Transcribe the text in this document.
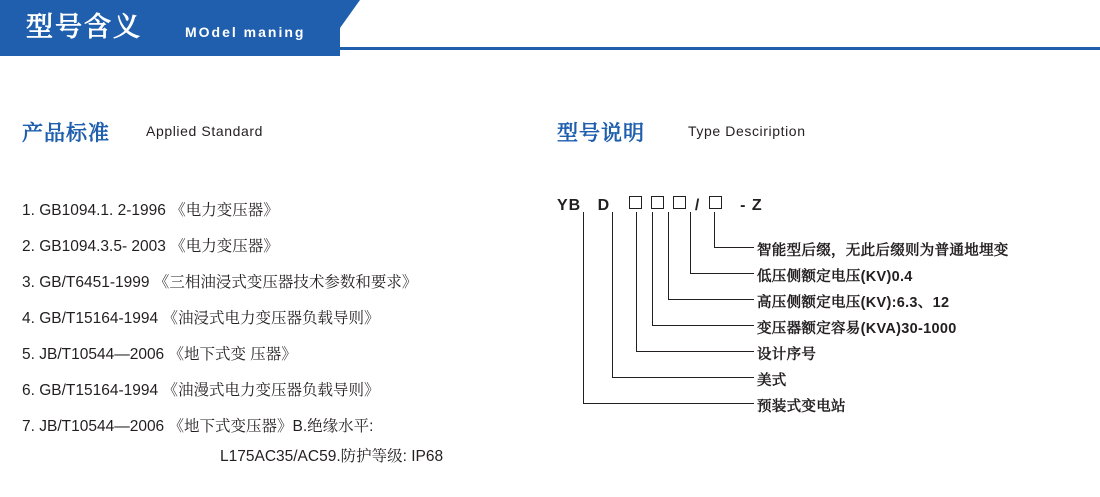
型号含义	MOdel maning
产品标准	Applied Standard
1. GB1094.1. 2-1996 《电力变压器》
2. GB1094.3.5- 2003 《电力变压器》
3. GB/T6451-1999 《三相油浸式变压器技术参数和要求》
4. GB/T15164-1994 《油浸式电力变压器负载导则》
5. JB/T10544—2006 《地下式变 压器》
6. GB/T15164-1994 《油漫式电力变压器负载导则》
7. JB/T10544—2006 《地下式变压器》B.绝缘水平:
L175AC35/AC59.防护等级: IP68
型号说明	Type Desciription
YB D	/ - Z
智能型后缀，无此后缀则为普通地埋变
低压侧额定电压(KV)0.4
高压侧额定电压(KV):6.3、12
变压器额定容易(KVA)30-1000
设计序号
美式
预装式变电站
